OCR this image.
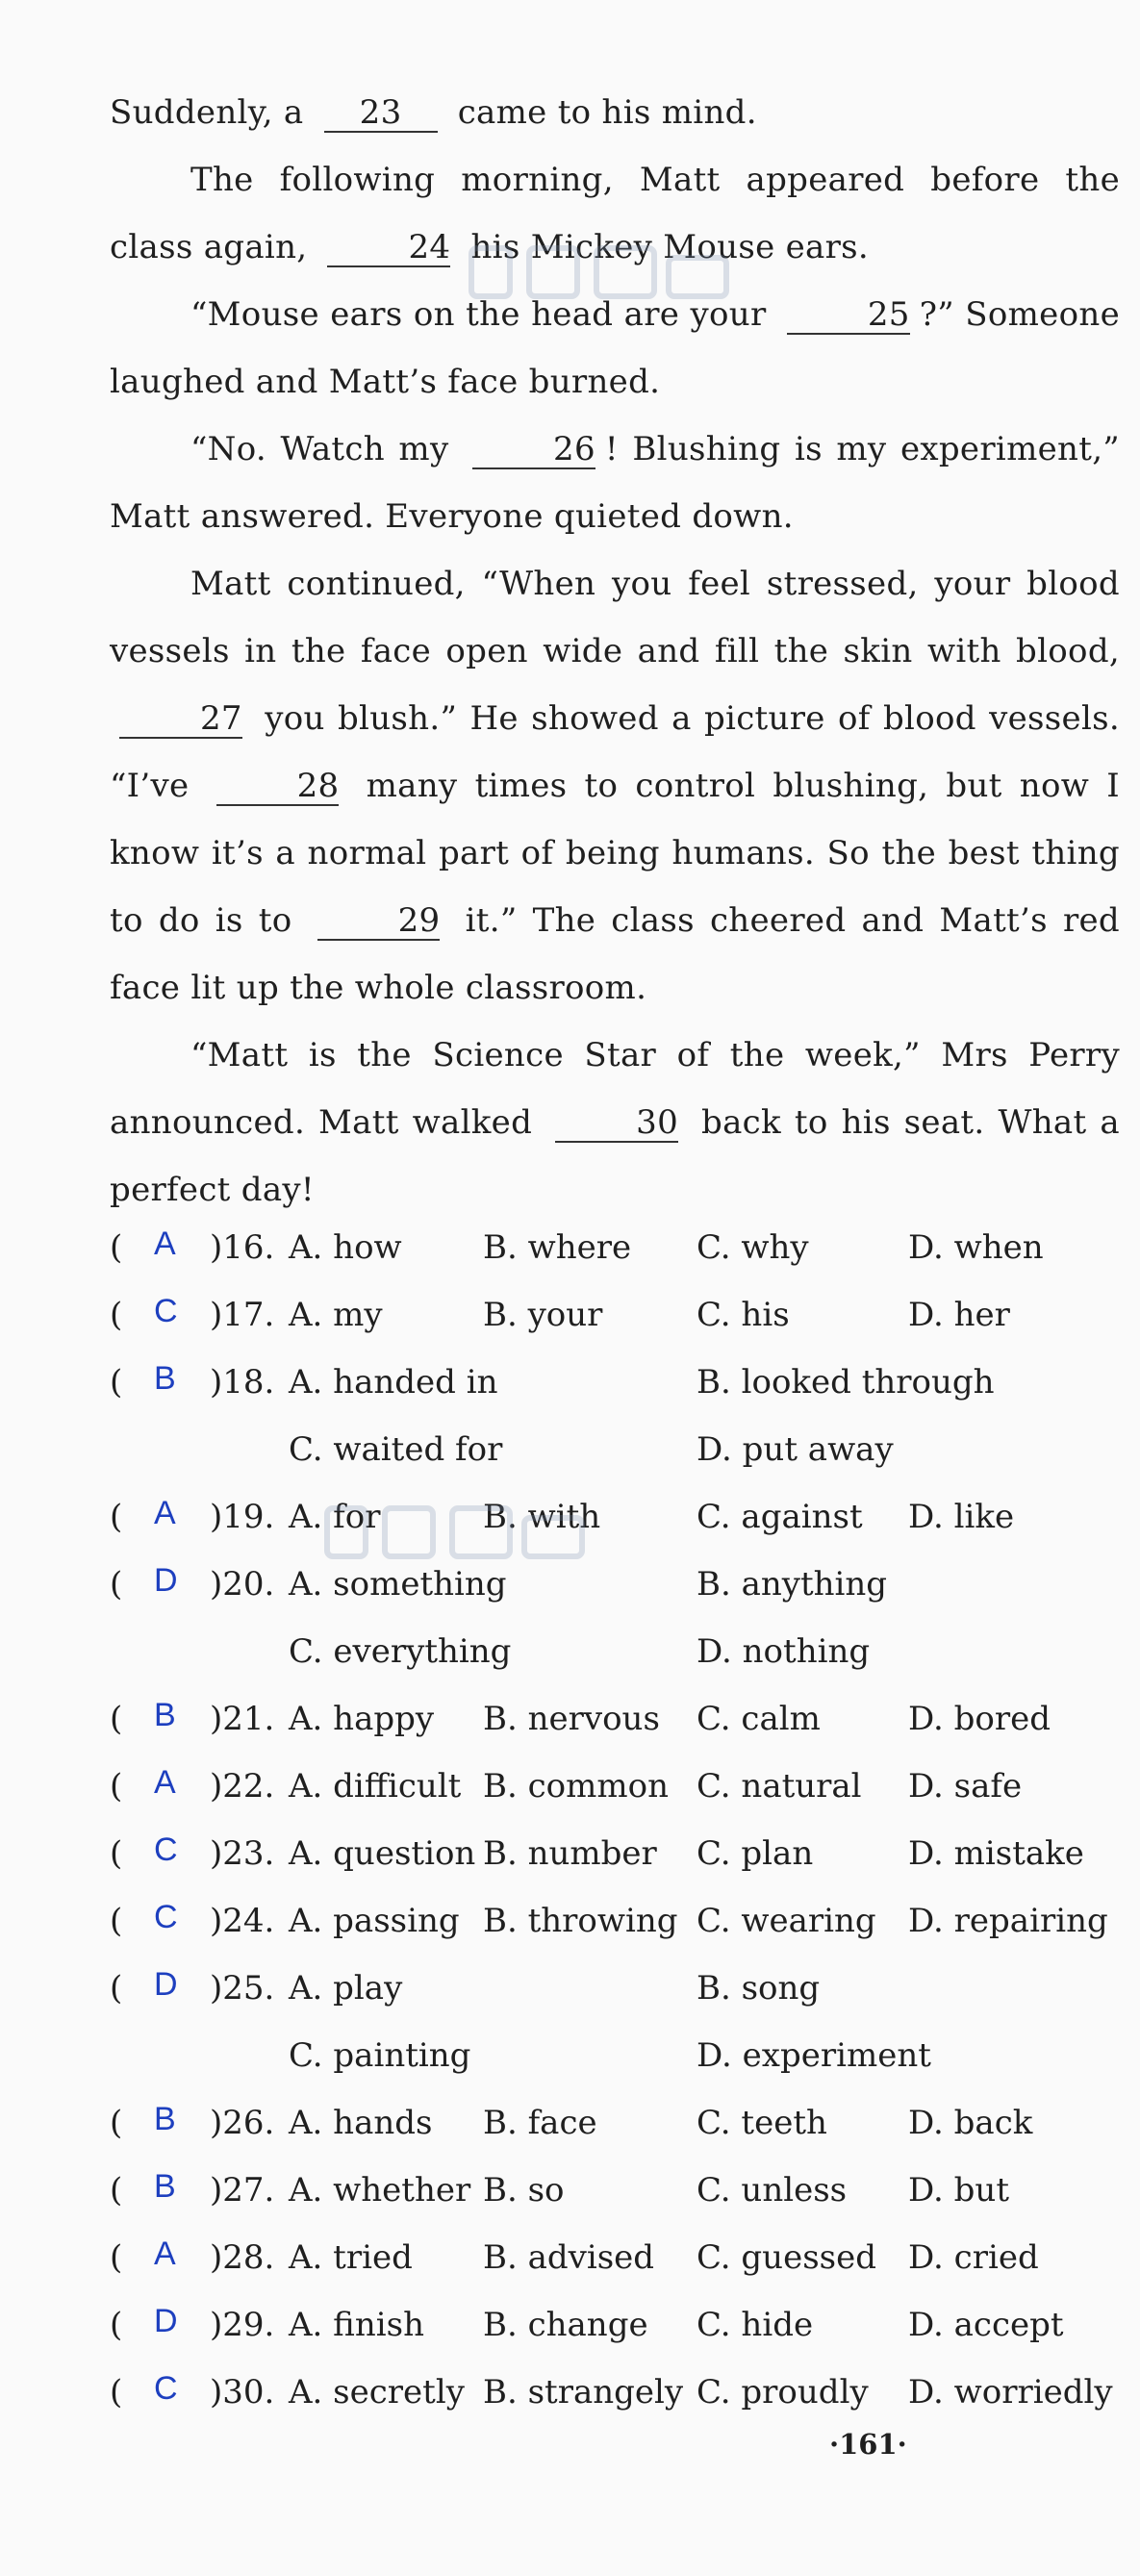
Suddenly, a 23 came to his mind.
The following morning, Matt appeared before the class again,	24 his Mickey Mouse ears.
“Mouse ears on the head are your	25 ?” Someone laughed and Matt’s face burned.
“No. Watch my	26 ! Blushing is my experiment,” Matt answered. Everyone quieted down.
Matt continued, “When you feel stressed, your blood vessels in the face open wide and fill the skin with blood, 27 you blush.” He showed a picture of blood vessels. “I’ve	28 many times to control blushing, but now I know it’s a normal part of being humans. So the best thing to do is to	29 it.” The class cheered and Matt’s red face lit up the whole classroom.
“Matt is the Science Star of the week,” Mrs Perry announced. Matt walked	30 back to his seat. What a perfect day!
( A )16. A. how B. where C. why	D. when
( C )17. A. my	B. your	C. his	D. her
( B )18. A. handed in	B. looked through
C. waited for	D. put away
( A )19. A. for	B. with	C. against D. like
( D )20. A. something	B. anything
C. everything	D. nothing
( B )21. A. happy B. nervous C. calm	D. bored
( A )22. A. difficult B. common C. natural D. safe
( C )23. A. question B. number C. plan	D. mistake
( C )24. A. passing B. throwing C. wearing D. repairing
( D )25. A. play	B. song
C. painting	D. experiment
( B )26. A. hands B. face	C. teeth D. back
( B )27. A. whether B. so	C. unless D. but
( A )28. A. tried B. advised C. guessed D. cried
( D )29. A. finish B. change C. hide	D. accept
( C )30. A. secretly B. strangely C. proudly D. worriedly
·161·
